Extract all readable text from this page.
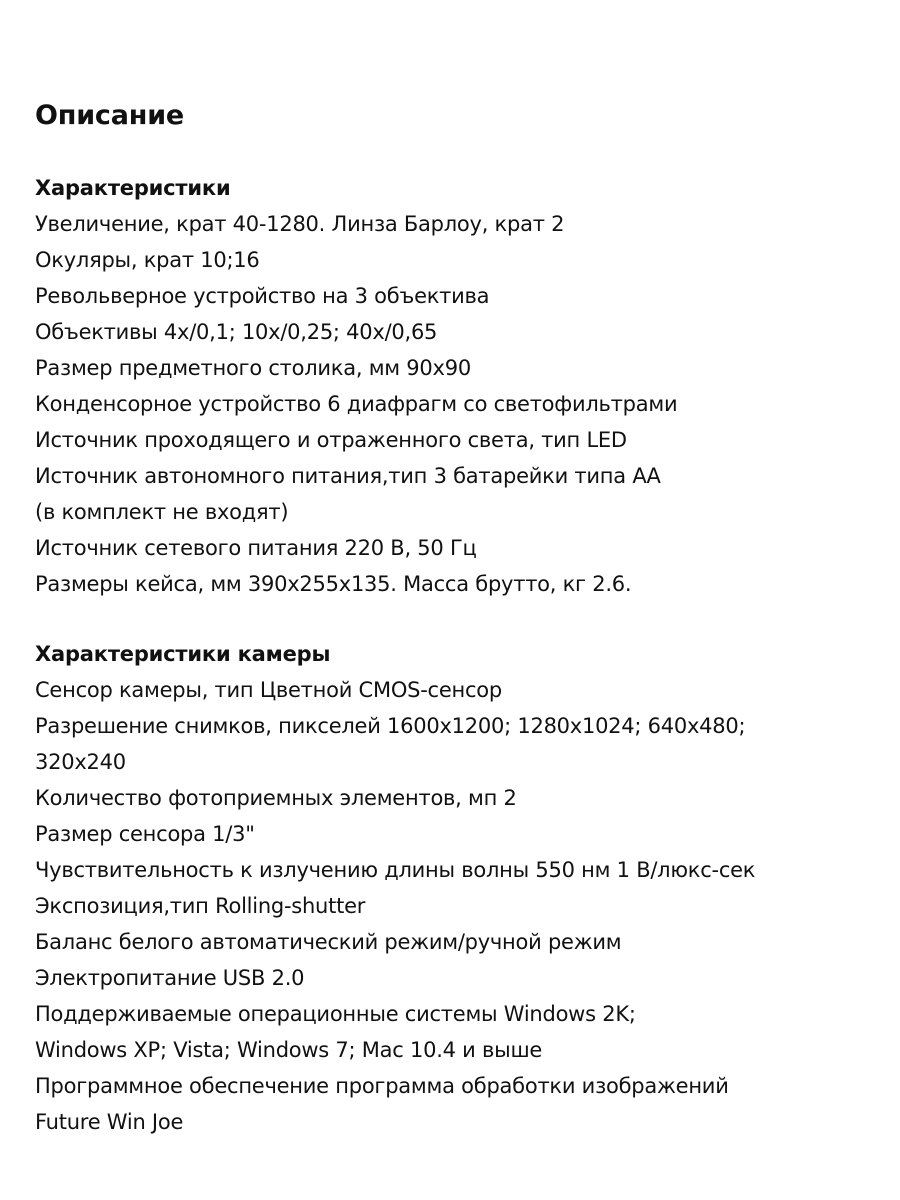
Описание
Характеристики
Увеличение, крат 40-1280. Линза Барлоу, крат 2
Окуляры, крат 10;16
Револьверное устройство на 3 объектива
Объективы 4х/0,1; 10х/0,25; 40х/0,65
Размер предметного столика, мм 90х90
Конденсорное устройство 6 диафрагм со светофильтрами
Источник проходящего и отраженного света, тип LED
Источник автономного питания,тип 3 батарейки типа АА
(в комплект не входят)
Источник сетевого питания 220 В, 50 Гц
Размеры кейса, мм 390х255х135. Масса брутто, кг 2.6.
Характеристики камеры
Сенсор камеры, тип Цветной CMOS-сенсор
Разрешение снимков, пикселей 1600х1200; 1280х1024; 640х480;
320х240
Количество фотоприемных элементов, мп 2
Размер сенсора 1/3"
Чувствительность к излучению длины волны 550 нм 1 В/люкс-сек
Экспозиция,тип Rolling-shutter
Баланс белого автоматический режим/ручной режим
Электропитание USB 2.0
Поддерживаемые операционные системы Windows 2K;
Windows XP; Vista; Windows 7; Mac 10.4 и выше
Программное обеспечение программа обработки изображений
Future Win Joe
